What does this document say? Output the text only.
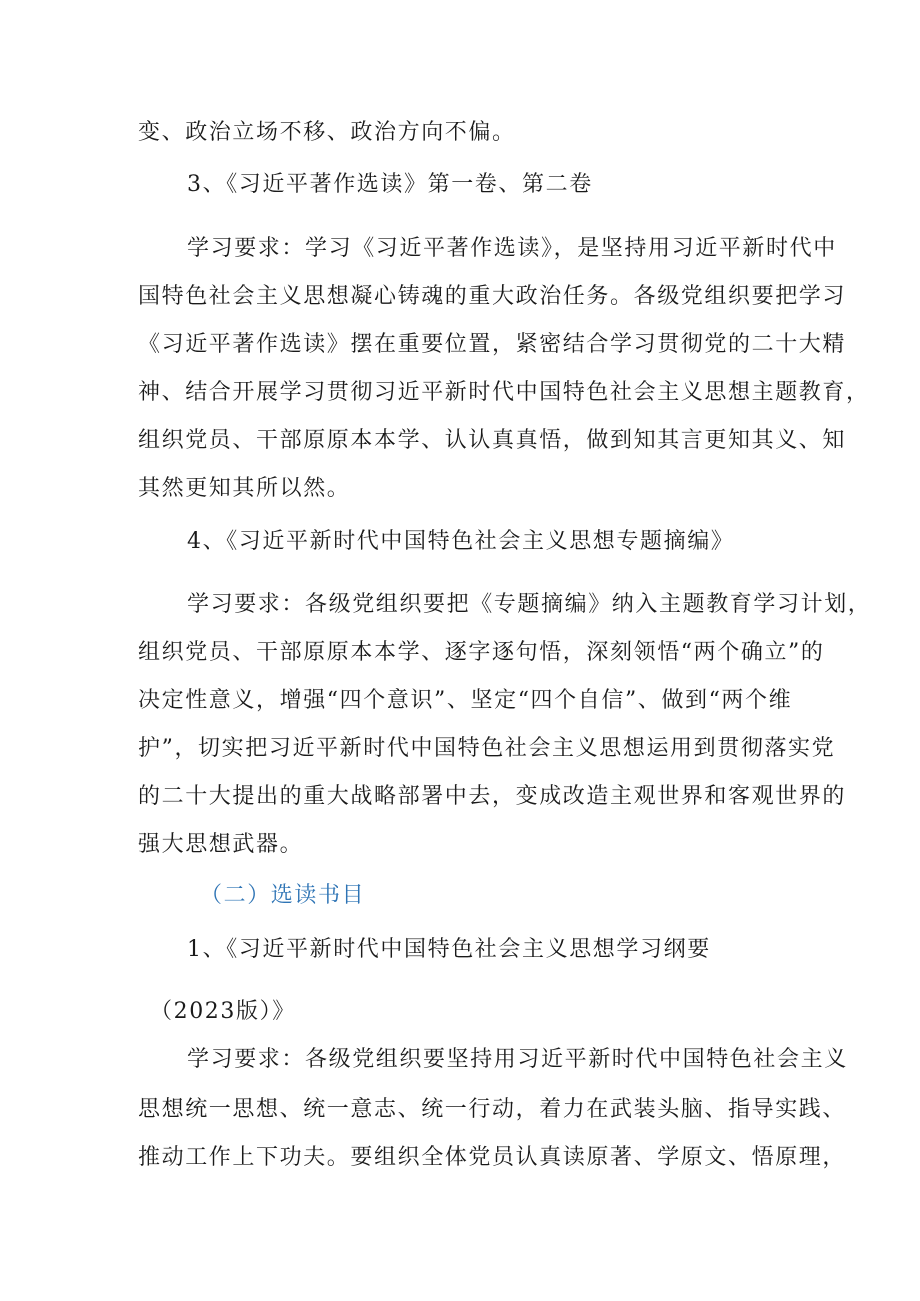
变、政治立场不移、政治方向不偏。
3、《习近平著作选读》第一卷、第二卷
学习要求：学习《习近平著作选读》，是坚持用习近平新时代中
国特色社会主义思想凝心铸魂的重大政治任务。各级党组织要把学习
《习近平著作选读》摆在重要位置，紧密结合学习贯彻党的二十大精
神、结合开展学习贯彻习近平新时代中国特色社会主义思想主题教育，
组织党员、干部原原本本学、认认真真悟，做到知其言更知其义、知
其然更知其所以然。
4、《习近平新时代中国特色社会主义思想专题摘编》
学习要求：各级党组织要把《专题摘编》纳入主题教育学习计划，
组织党员、干部原原本本学、逐字逐句悟，深刻领悟“两个确立”的
决定性意义，增强“四个意识”、坚定“四个自信”、做到“两个维
护”，切实把习近平新时代中国特色社会主义思想运用到贯彻落实党
的二十大提出的重大战略部署中去，变成改造主观世界和客观世界的
强大思想武器。
（二）选读书目
1、《习近平新时代中国特色社会主义思想学习纲要
（2023版）》
学习要求：各级党组织要坚持用习近平新时代中国特色社会主义
思想统一思想、统一意志、统一行动，着力在武装头脑、指导实践、
推动工作上下功夫。要组织全体党员认真读原著、学原文、悟原理，
